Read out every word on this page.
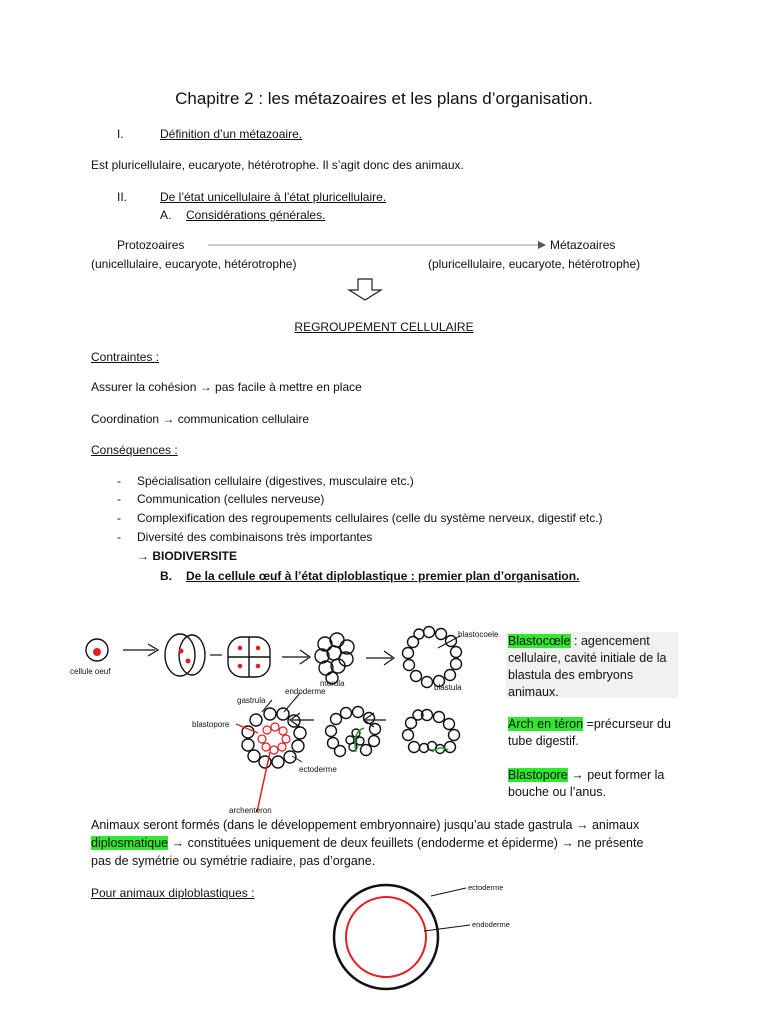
Chapitre 2 : les métazoaires et les plans d’organisation.
I.	Définition d’un métazoaire.
Est pluricellulaire, eucaryote, hétérotrophe. Il s’agit donc des animaux.
II.	De l’état unicellulaire à l’état pluricellulaire.
A. Considérations générales.
Protozoaires
(unicellulaire, eucaryote, hétérotrophe)
Métazoaires
(pluricellulaire, eucaryote, hétérotrophe)
REGROUPEMENT CELLULAIRE
Contraintes :
Assurer la cohésion → pas facile à mettre en place
Coordination → communication cellulaire
Conséquences :
- Spécialisation cellulaire (digestives, musculaire etc.)
- Communication (cellules nerveuse)
- Complexification des regroupements cellulaires (celle du système nerveux, digestif etc.)
- Diversité des combinaisons très importantes
→ BIODIVERSITE
B. De la cellule œuf à l’état diploblastique : premier plan d’organisation.
cellule oeuf
morula
blastocoele
blastula
gastrula
endoderme
blastopore
ectoderme
archenteron
Blastocœle : agencement cellulaire, cavité initiale de la blastula des embryons animaux.
Arch en téron =précurseur du tube digestif.
Blastopore → peut former la bouche ou l’anus.
Animaux seront formés (dans le développement embryonnaire) jusqu’au stade gastrula → animaux
diplosmatique → constituées uniquement de deux feuillets (endoderme et épiderme) → ne présente
pas de symétrie ou symétrie radiaire, pas d’organe.
Pour animaux diploblastiques :	ectoderme
endoderme
